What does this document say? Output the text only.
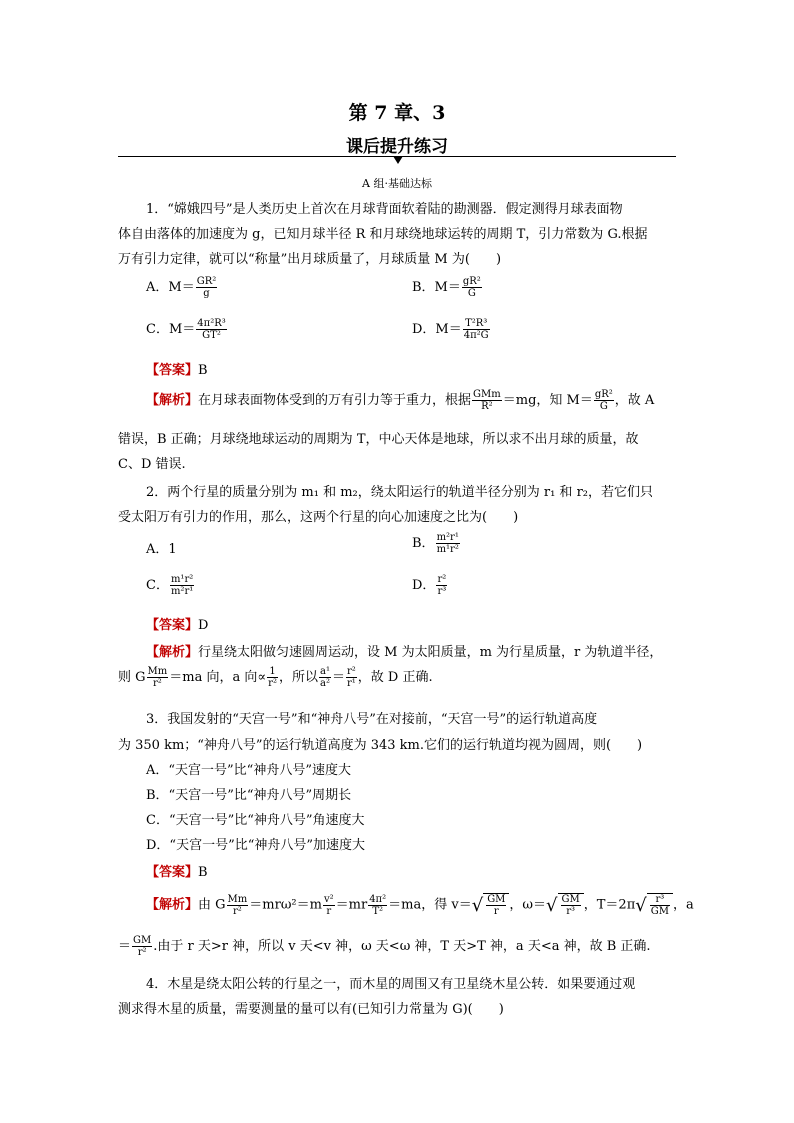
第 7 章、3
课后提升练习
A 组·基础达标
1．“嫦娥四号”是人类历史上首次在月球背面软着陆的勘测器．假定测得月球表面物
体自由落体的加速度为 g，已知月球半径 R 和月球绕地球运转的周期 T，引力常数为 G.根据
万有引力定律，就可以“称量”出月球质量了，月球质量 M 为(　　)
A．$M= \frac{\text{GR²}}{g}$	B．$M= \frac{\text{gR²}}{G}$
C．$M= \frac{\text{4π²R³}}{\text{GT²}}$	D．$M= \frac{\text{T²R³}}{\text{4π²G}}$
【答案】B
【解析】在月球表面物体受到的万有引力等于重力，根据 $\frac{\text{GMm}}{\text{R²}} =mg$，知 $M= \frac{\text{gR²}}{G}$ ，故 A
错误，B 正确；月球绕地球运动的周期为 T，中心天体是地球，所以求不出月球的质量，故
C、D 错误.
2．两个行星的质量分别为 m₁ 和 m₂，绕太阳运行的轨道半径分别为 r₁ 和 r₂，若它们只
受太阳万有引力的作用，那么，这两个行星的向心加速度之比为(　　)
A．1	B． $\frac{\text{m²r¹}}{\text{m¹r²}}$
C． $\frac{\text{m¹r²}}{\text{m²r¹}}$	D． $\frac{\text{r²}}{\text{r³}}$
【答案】D
【解析】行星绕太阳做匀速圆周运动，设 M 为太阳质量，m 为行星质量，r 为轨道半径，
则 G $\frac{Mm}{\text{r²}} =ma$ 向，a 向∝ $\frac{1}{\text{r²}}$ ，所以 $\frac{\text{a¹}}{\text{a²}} = \frac{\text{r²}}{\text{r¹}}$ ，故 D 正确.
3．我国发射的“天宫一号”和“神舟八号”在对接前，“天宫一号”的运行轨道高度
为 350 km；“神舟八号”的运行轨道高度为 343 km.它们的运行轨道均视为圆周，则(　　)
A．“天宫一号”比“神舟八号”速度大
B．“天宫一号”比“神舟八号”周期长
C．“天宫一号”比“神舟八号”角速度大
D．“天宫一号”比“神舟八号”加速度大
【答案】B
【解析】由 G $\frac{Mm}{\text{r²}} =mr\omega^2=m \frac{\text{v²}}{r} =mr \frac{\text{4π²}}{\text{T²}} =ma$，得 $v=√ \frac{GM}{r}$ ，$\omega=√ \frac{GM}{\text{r³}}$ ，$T=2\pi√ \frac{\text{r³}}{GM}$ ，a
＝ $\frac{GM}{\text{r²}}$ .由于 r 天>r 神，所以 v 天<v 神，ω 天<ω 神，T 天>T 神，a 天<a 神，故 B 正确.
4．木星是绕太阳公转的行星之一，而木星的周围又有卫星绕木星公转．如果要通过观
测求得木星的质量，需要测量的量可以有(已知引力常量为 G)(　　)
